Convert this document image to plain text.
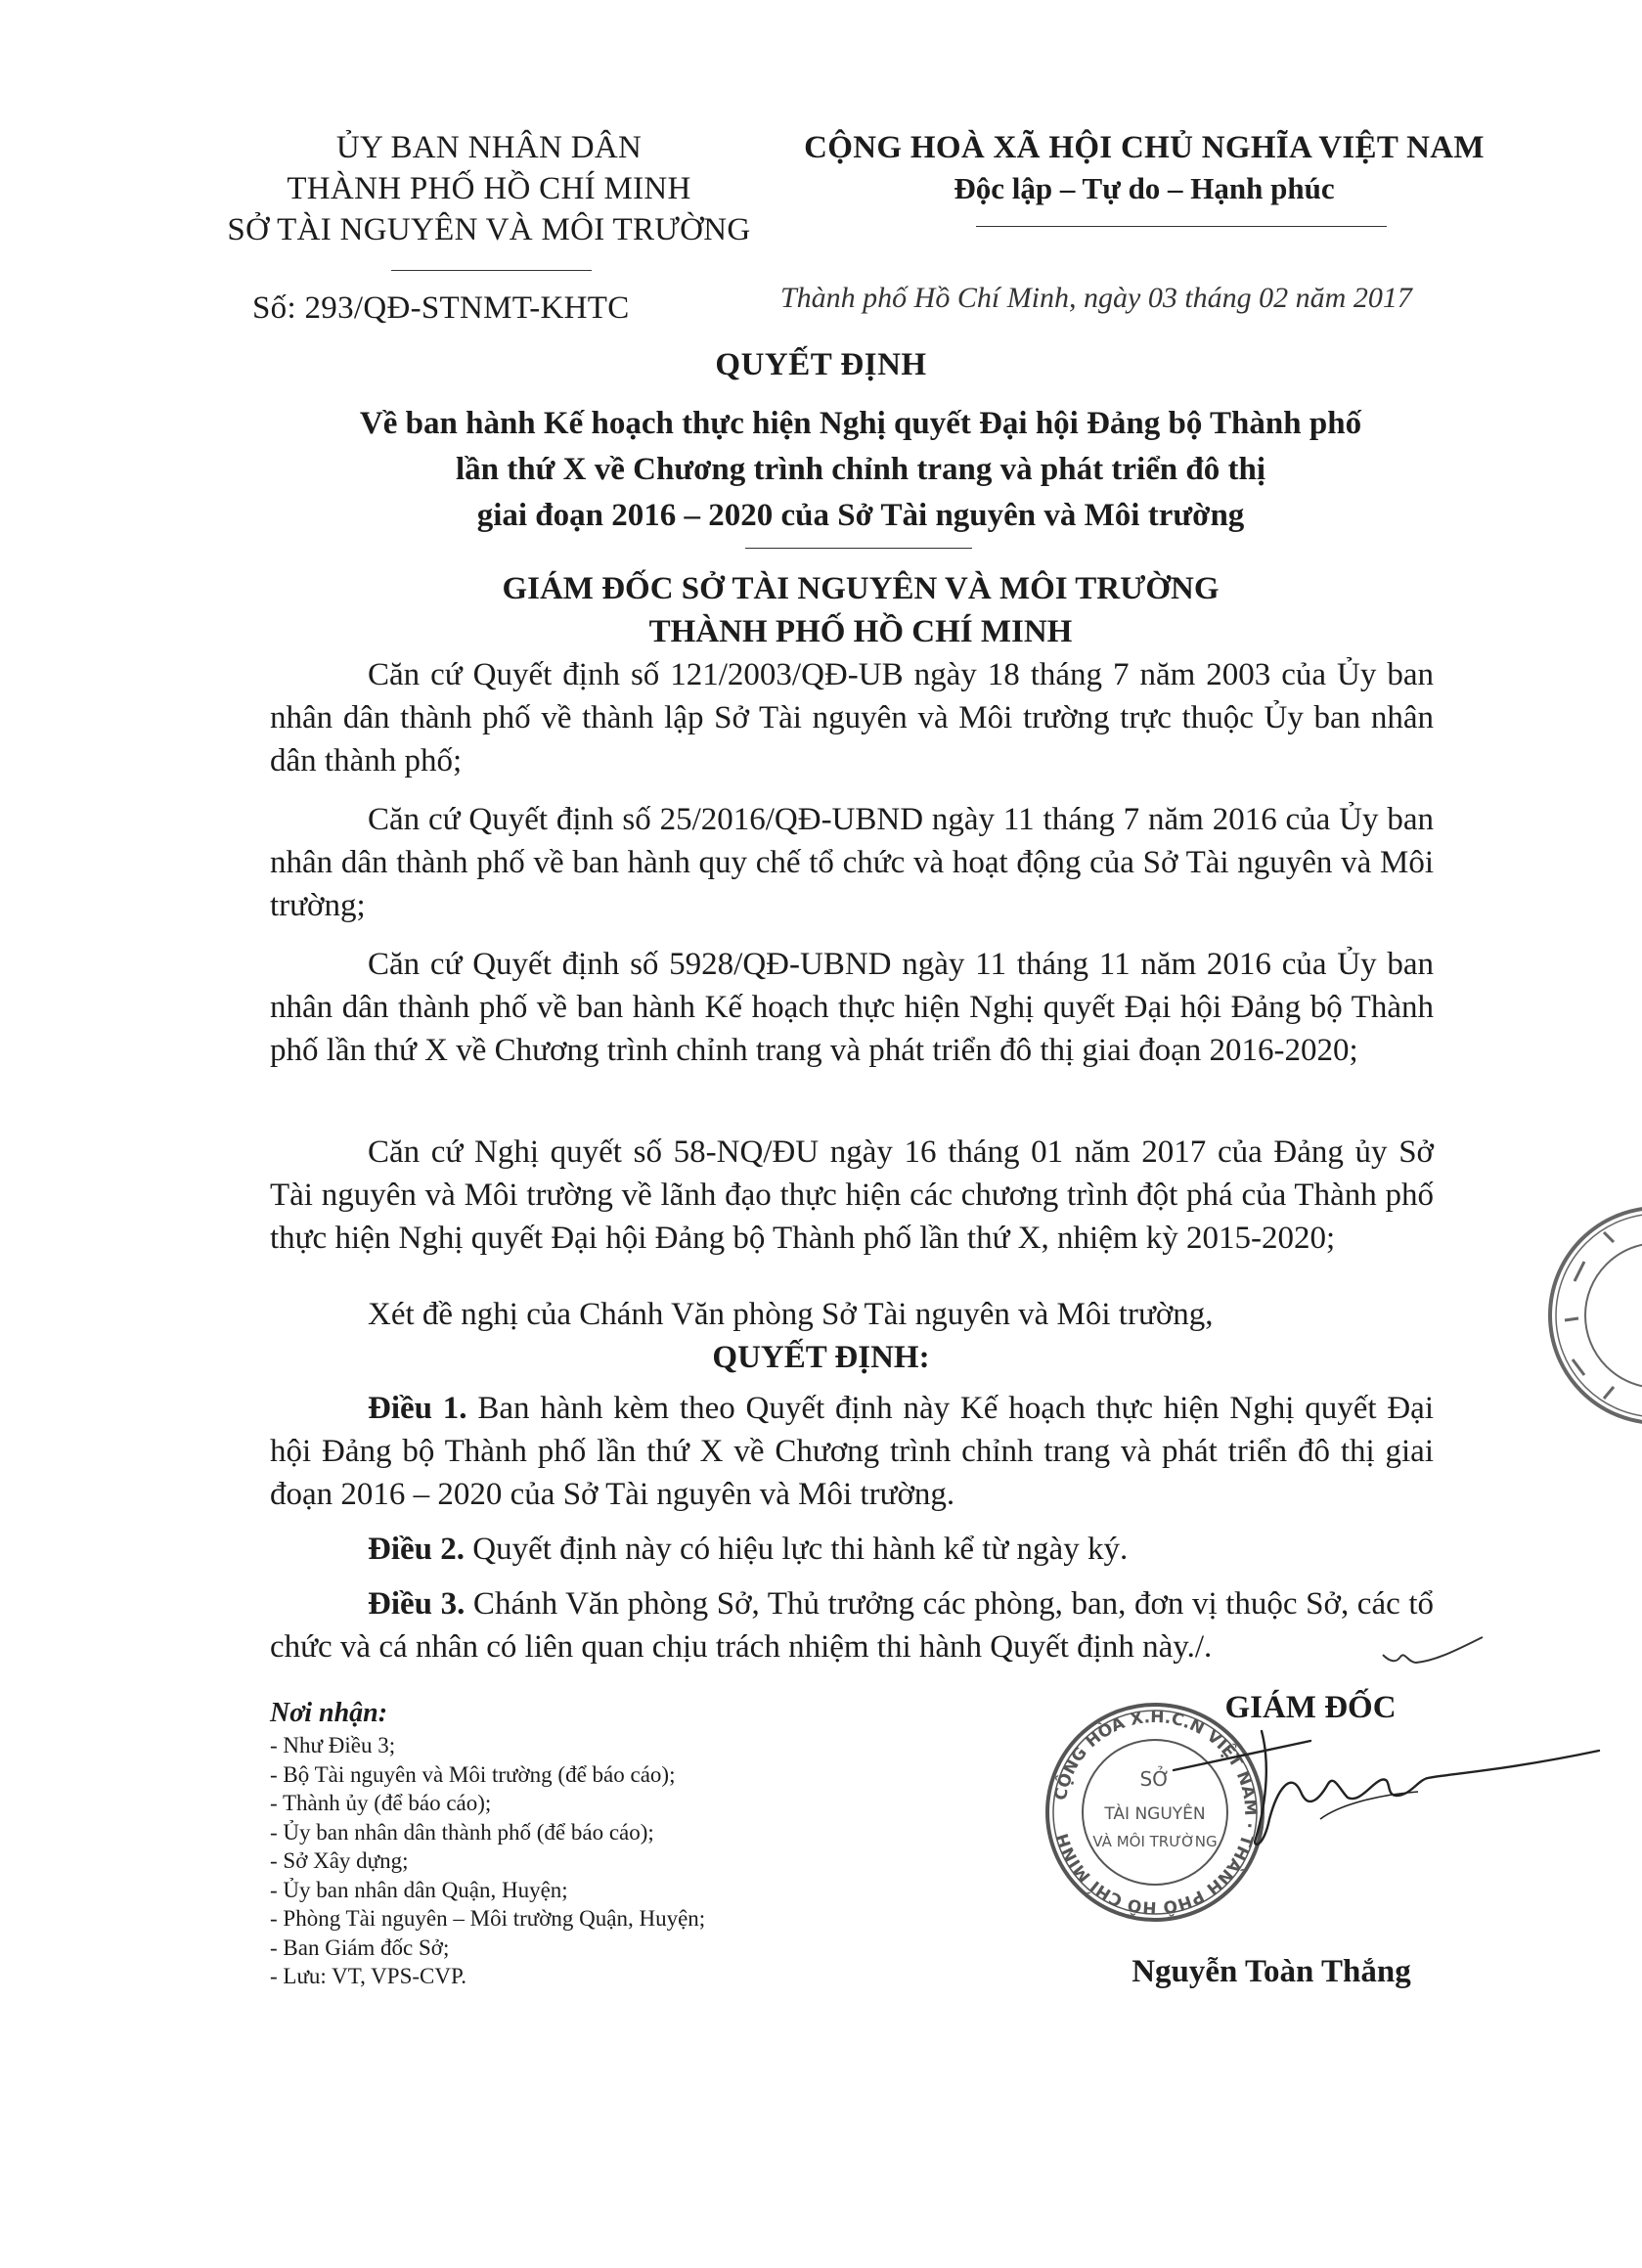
ỦY BAN NHÂN DÂN
THÀNH PHỐ HỒ CHÍ MINH
SỞ TÀI NGUYÊN VÀ MÔI TRƯỜNG
CỘNG HOÀ XÃ HỘI CHỦ NGHĨA VIỆT NAM
Độc lập – Tự do – Hạnh phúc
Số: 293/QĐ-STNMT-KHTC	Thành phố Hồ Chí Minh, ngày 03 tháng 02 năm 2017
QUYẾT ĐỊNH
Về ban hành Kế hoạch thực hiện Nghị quyết Đại hội Đảng bộ Thành phố
lần thứ X về Chương trình chỉnh trang và phát triển đô thị
giai đoạn 2016 – 2020 của Sở Tài nguyên và Môi trường
GIÁM ĐỐC SỞ TÀI NGUYÊN VÀ MÔI TRƯỜNG
THÀNH PHỐ HỒ CHÍ MINH
Căn cứ Quyết định số 121/2003/QĐ-UB ngày 18 tháng 7 năm 2003 của Ủy ban nhân dân thành phố về thành lập Sở Tài nguyên và Môi trường trực thuộc Ủy ban nhân dân thành phố;
Căn cứ Quyết định số 25/2016/QĐ-UBND ngày 11 tháng 7 năm 2016 của Ủy ban nhân dân thành phố về ban hành quy chế tổ chức và hoạt động của Sở Tài nguyên và Môi trường;
Căn cứ Quyết định số 5928/QĐ-UBND ngày 11 tháng 11 năm 2016 của Ủy ban nhân dân thành phố về ban hành Kế hoạch thực hiện Nghị quyết Đại hội Đảng bộ Thành phố lần thứ X về Chương trình chỉnh trang và phát triển đô thị giai đoạn 2016-2020;
Căn cứ Nghị quyết số 58-NQ/ĐU ngày 16 tháng 01 năm 2017 của Đảng ủy Sở Tài nguyên và Môi trường về lãnh đạo thực hiện các chương trình đột phá của Thành phố thực hiện Nghị quyết Đại hội Đảng bộ Thành phố lần thứ X, nhiệm kỳ 2015-2020;
Xét đề nghị của Chánh Văn phòng Sở Tài nguyên và Môi trường,
QUYẾT ĐỊNH:
Điều 1. Ban hành kèm theo Quyết định này Kế hoạch thực hiện Nghị quyết Đại hội Đảng bộ Thành phố lần thứ X về Chương trình chỉnh trang và phát triển đô thị giai đoạn 2016 – 2020 của Sở Tài nguyên và Môi trường.
Điều 2. Quyết định này có hiệu lực thi hành kể từ ngày ký.
Điều 3. Chánh Văn phòng Sở, Thủ trưởng các phòng, ban, đơn vị thuộc Sở, các tổ chức và cá nhân có liên quan chịu trách nhiệm thi hành Quyết định này./.
Nơi nhận:
- Như Điều 3;
- Bộ Tài nguyên và Môi trường (để báo cáo);
- Thành ủy (để báo cáo);
- Ủy ban nhân dân thành phố (để báo cáo);
- Sở Xây dựng;
- Ủy ban nhân dân Quận, Huyện;
- Phòng Tài nguyên – Môi trường Quận, Huyện;
- Ban Giám đốc Sở;
- Lưu: VT, VPS-CVP.
CỘNG HÒA X.H.C.N VIỆT NAM · THÀNH PHỐ HỒ CHÍ MINH
SỞ
TÀI NGUYÊN
VÀ MÔI TRƯỜNG
GIÁM ĐỐC
Nguyễn Toàn Thắng
